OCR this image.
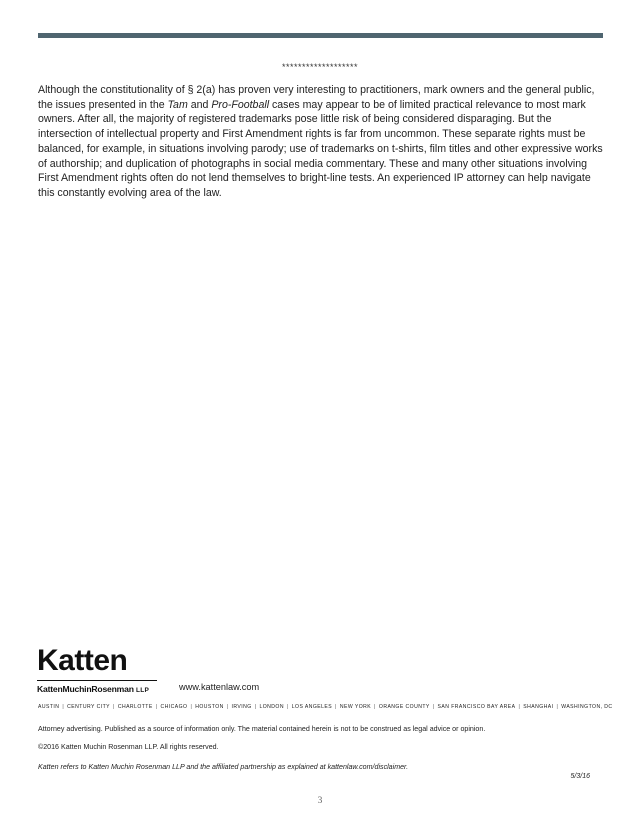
*******************

Although the constitutionality of § 2(a) has proven very interesting to practitioners, mark owners and the general public, the issues presented in the Tam and Pro-Football cases may appear to be of limited practical relevance to most mark owners. After all, the majority of registered trademarks pose little risk of being considered disparaging. But the intersection of intellectual property and First Amendment rights is far from uncommon. These separate rights must be balanced, for example, in situations involving parody; use of trademarks on t-shirts, film titles and other expressive works of authorship; and duplication of photographs in social media commentary. These and many other situations involving First Amendment rights often do not lend themselves to bright-line tests. An experienced IP attorney can help navigate this constantly evolving area of the law.

Katten
KattenMuchinRosenman LLP	www.kattenlaw.com
AUSTIN | CENTURY CITY | CHARLOTTE | CHICAGO | HOUSTON | IRVING | LONDON | LOS ANGELES | NEW YORK | ORANGE COUNTY | SAN FRANCISCO BAY AREA | SHANGHAI | WASHINGTON, DC
Attorney advertising. Published as a source of information only. The material contained herein is not to be construed as legal advice or opinion.
©2016 Katten Muchin Rosenman LLP. All rights reserved.
Katten refers to Katten Muchin Rosenman LLP and the affiliated partnership as explained at kattenlaw.com/disclaimer.
5/3/16
3
